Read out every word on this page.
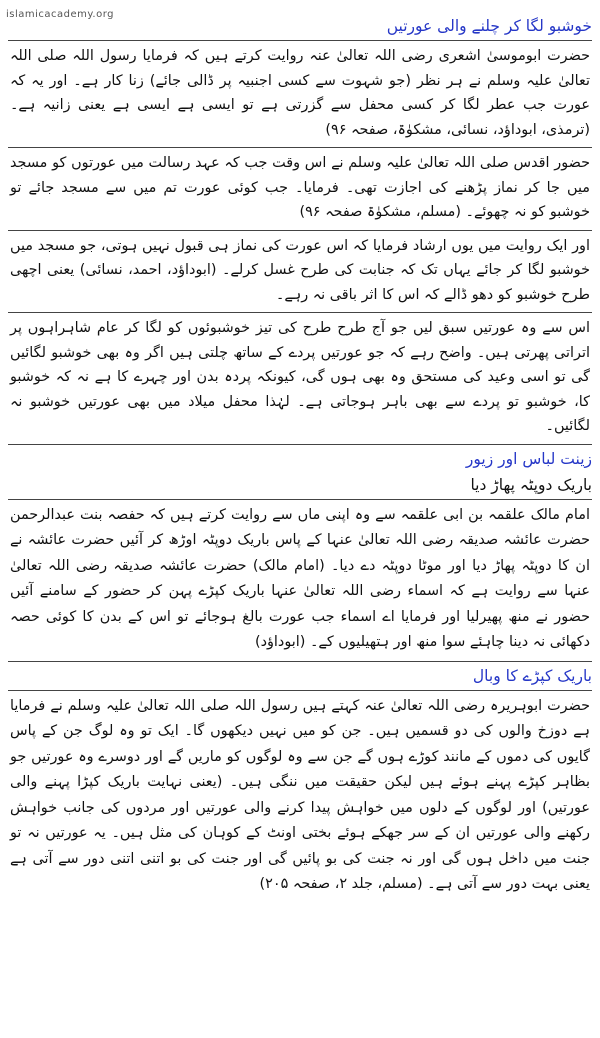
islamicacademy.org
خوشبو لگا کر چلنے والی عورتیں

حضرت ابوموسیٰ اشعری رضی اللہ تعالیٰ عنہ روایت کرتے ہیں کہ فرمایا رسول اللہ صلی اللہ تعالیٰ علیہ وسلم نے ہر نظر (جو شہوت سے کسی اجنبیہ پر ڈالی جائے) زنا کار ہے۔ اور یہ کہ عورت جب عطر لگا کر کسی محفل سے گزرتی ہے تو ایسی ہے ایسی ہے یعنی زانیہ ہے۔ (ترمذی، ابوداؤد، نسائی، مشکوٰۃ، صفحہ ۹۶)

حضور اقدس صلی اللہ تعالیٰ علیہ وسلم نے اس وقت جب کہ عہد رسالت میں عورتوں کو مسجد میں جا کر نماز پڑھنے کی اجازت تھی۔ فرمایا۔ جب کوئی عورت تم میں سے مسجد جائے تو خوشبو کو نہ چھوئے۔ (مسلم، مشکوٰۃ صفحہ ۹۶)

اور ایک روایت میں یوں ارشاد فرمایا کہ اس عورت کی نماز ہی قبول نہیں ہوتی، جو مسجد میں خوشبو لگا کر جائے یہاں تک کہ جنابت کی طرح غسل کرلے۔ (ابوداؤد، احمد، نسائی) یعنی اچھی طرح خوشبو کو دھو ڈالے کہ اس کا اثر باقی نہ رہے۔

اس سے وہ عورتیں سبق لیں جو آج طرح طرح کی تیز خوشبوئوں کو لگا کر عام شاہراہوں پر اتراتی پھرتی ہیں۔ واضح رہے کہ جو عورتیں پردے کے ساتھ چلتی ہیں اگر وہ بھی خوشبو لگائیں گی تو اسی وعید کی مستحق وہ بھی ہوں گی، کیونکہ پردہ بدن اور چہرے کا ہے نہ کہ خوشبو کا، خوشبو تو پردے سے بھی باہر ہوجاتی ہے۔ لہٰذا محفل میلاد میں بھی عورتیں خوشبو نہ لگائیں۔

زینت لباس اور زیور
باریک دوپٹہ پھاڑ دیا

امام مالک علقمہ بن ابی علقمہ سے وہ اپنی ماں سے روایت کرتے ہیں کہ حفصہ بنت عبدالرحمن حضرت عائشہ صدیقہ رضی اللہ تعالیٰ عنہا کے پاس باریک دوپٹہ اوڑھ کر آئیں حضرت عائشہ نے ان کا دوپٹہ پھاڑ دیا اور موٹا دوپٹہ دے دیا۔ (امام مالک) حضرت عائشہ صدیقہ رضی اللہ تعالیٰ عنہا سے روایت ہے کہ اسماء رضی اللہ تعالیٰ عنہا باریک کپڑے پہن کر حضور کے سامنے آئیں حضور نے منھ پھیرلیا اور فرمایا اے اسماء جب عورت بالغ ہوجائے تو اس کے بدن کا کوئی حصہ دکھائی نہ دینا چاہئے سوا منھ اور ہتھیلیوں کے۔ (ابوداؤد)

باریک کپڑے کا وبال

حضرت ابوہریرہ رضی اللہ تعالیٰ عنہ کہتے ہیں رسول اللہ صلی اللہ تعالیٰ علیہ وسلم نے فرمایا ہے دوزخ والوں کی دو قسمیں ہیں۔ جن کو میں نہیں دیکھوں گا۔ ایک تو وہ لوگ جن کے پاس گایوں کی دموں کے مانند کوڑے ہوں گے جن سے وہ لوگوں کو ماریں گے اور دوسرے وہ عورتیں جو بظاہر کپڑے پہنے ہوئے ہیں لیکن حقیقت میں ننگی ہیں۔ (یعنی نہایت باریک کپڑا پہنے والی عورتیں) اور لوگوں کے دلوں میں خواہش پیدا کرنے والی عورتیں اور مردوں کی جانب خواہش رکھنے والی عورتیں ان کے سر جھکے ہوئے بختی اونٹ کے کوہان کی مثل ہیں۔ یہ عورتیں نہ تو جنت میں داخل ہوں گی اور نہ جنت کی بو پائیں گی اور جنت کی بو اتنی اتنی دور سے آتی ہے یعنی بہت دور سے آتی ہے۔ (مسلم، جلد ۲، صفحہ ۲۰۵)
